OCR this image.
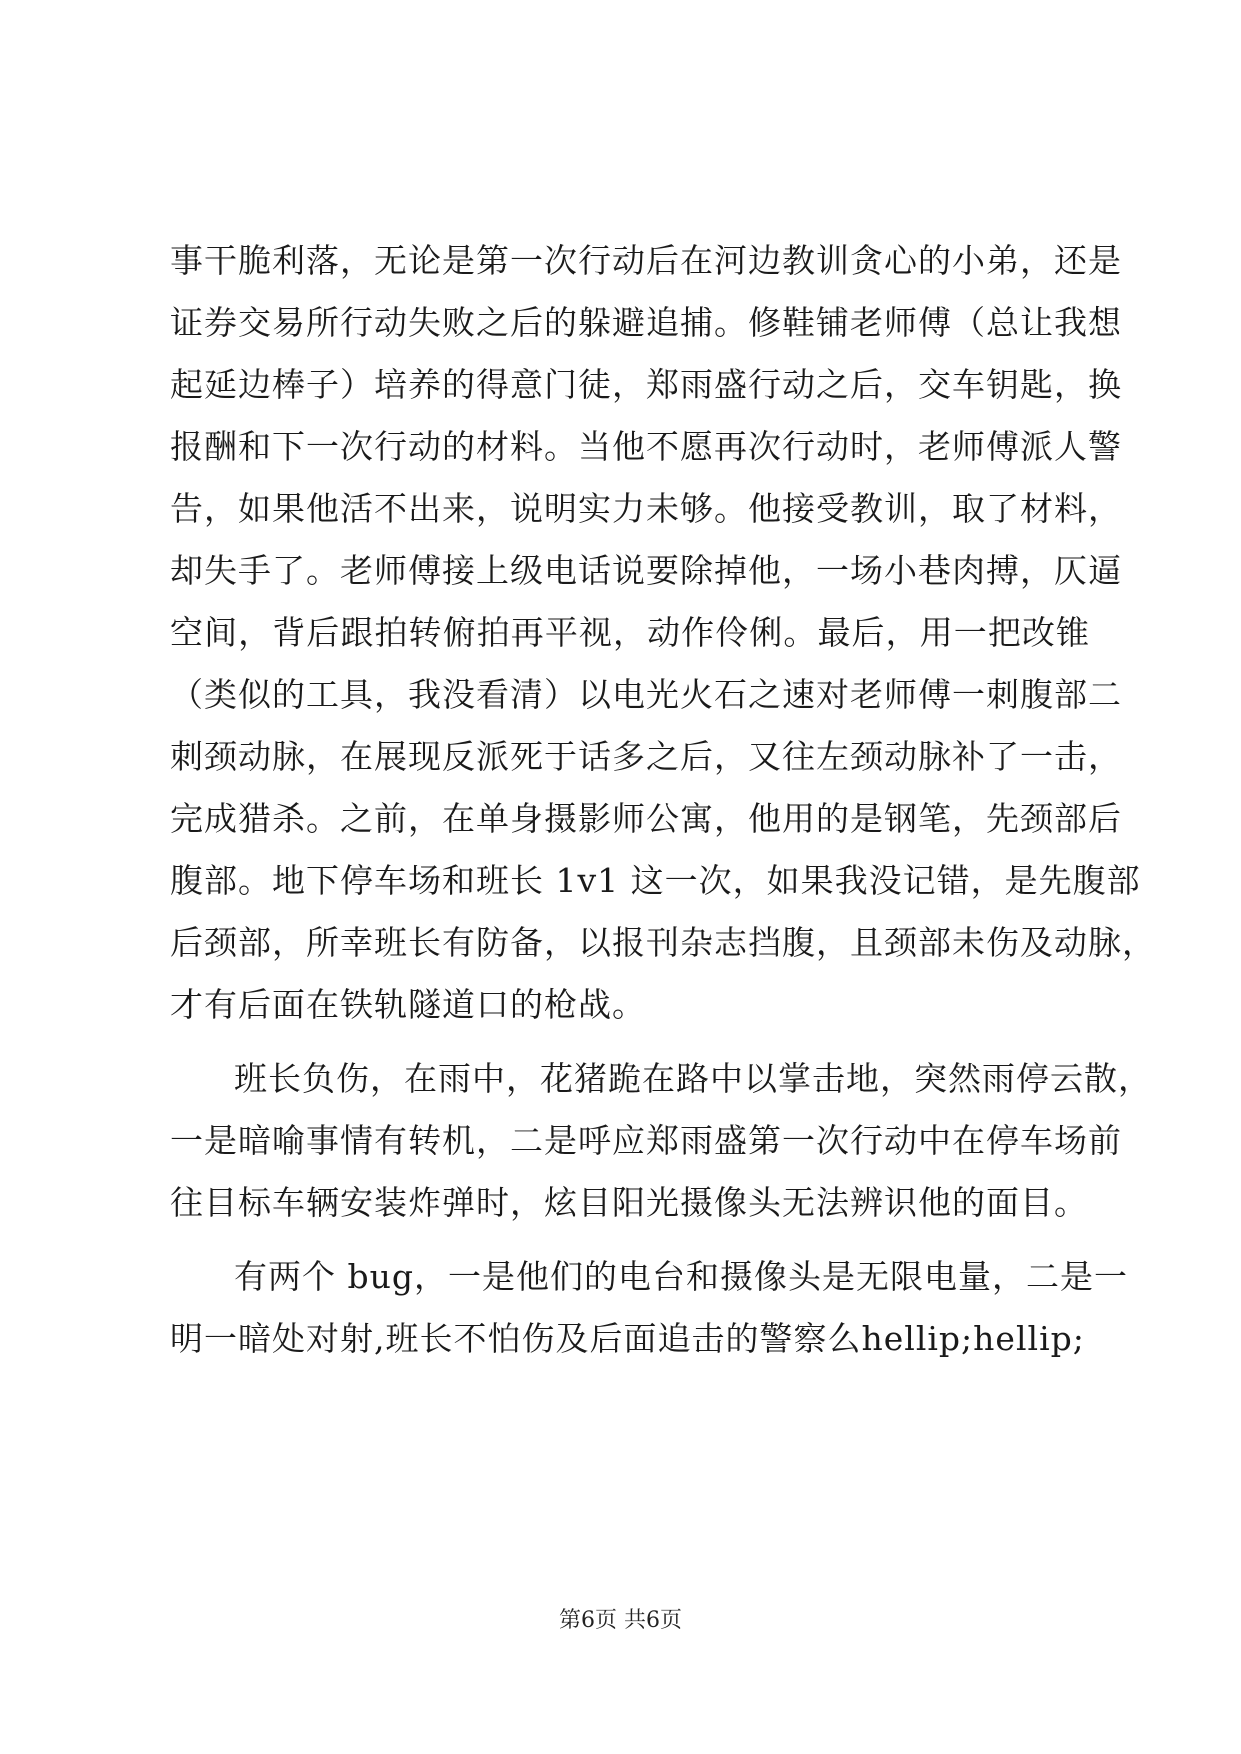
事干脆利落，无论是第一次行动后在河边教训贪心的小弟，还是
证券交易所行动失败之后的躲避追捕。修鞋铺老师傅（总让我想
起延边棒子）培养的得意门徒，郑雨盛行动之后，交车钥匙，换
报酬和下一次行动的材料。当他不愿再次行动时，老师傅派人警
告，如果他活不出来，说明实力未够。他接受教训，取了材料，
却失手了。老师傅接上级电话说要除掉他，一场小巷肉搏，仄逼
空间，背后跟拍转俯拍再平视，动作伶俐。最后，用一把改锥
（类似的工具，我没看清）以电光火石之速对老师傅一刺腹部二
刺颈动脉，在展现反派死于话多之后，又往左颈动脉补了一击，
完成猎杀。之前，在单身摄影师公寓，他用的是钢笔，先颈部后
腹部。地下停车场和班长 1v1 这一次，如果我没记错，是先腹部
后颈部，所幸班长有防备，以报刊杂志挡腹，且颈部未伤及动脉，
才有后面在铁轨隧道口的枪战。
班长负伤，在雨中，花猪跪在路中以掌击地，突然雨停云散，
一是暗喻事情有转机，二是呼应郑雨盛第一次行动中在停车场前
往目标车辆安装炸弹时，炫目阳光摄像头无法辨识他的面目。
有两个 bug，一是他们的电台和摄像头是无限电量，二是一
明一暗处对射,班长不怕伤及后面追击的警察么hellip;hellip;
第6页 共6页
